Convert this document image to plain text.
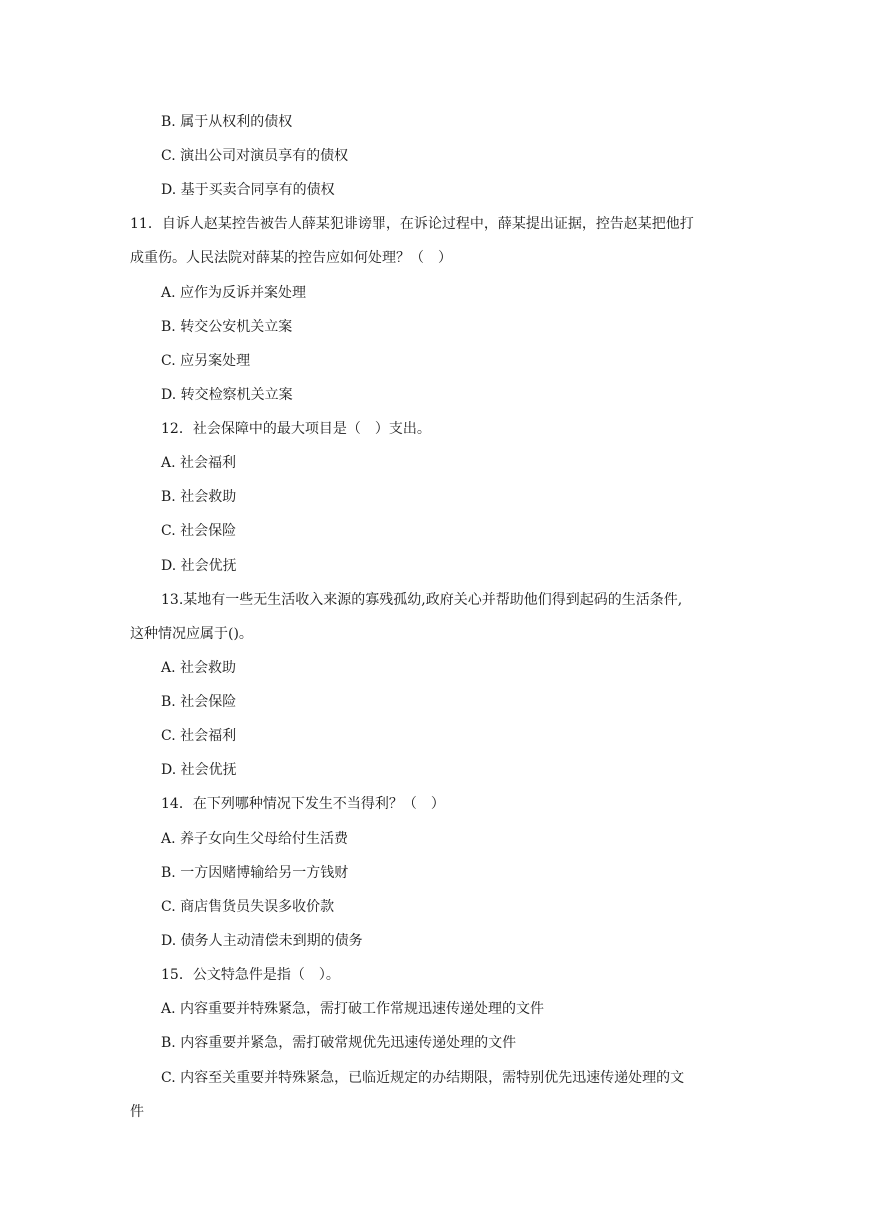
B. 属于从权利的债权

C. 演出公司对演员享有的债权

D. 基于买卖合同享有的债权

11．自诉人赵某控告被告人薛某犯诽谤罪，在诉论过程中，薛某提出证据，控告赵某把他打

成重伤。人民法院对薛某的控告应如何处理？（　）

A. 应作为反诉并案处理

B. 转交公安机关立案

C. 应另案处理

D. 转交检察机关立案

12．社会保障中的最大项目是（　）支出。

A. 社会福利

B. 社会救助

C. 社会保险

D. 社会优抚

13.某地有一些无生活收入来源的寡残孤幼,政府关心并帮助他们得到起码的生活条件,

这种情况应属于()。

A. 社会救助

B. 社会保险

C. 社会福利

D. 社会优抚

14．在下列哪种情况下发生不当得利？（　）

A. 养子女向生父母给付生活费

B. 一方因赌博输给另一方钱财

C. 商店售货员失误多收价款

D. 债务人主动清偿未到期的债务

15．公文特急件是指（　）。

A. 内容重要并特殊紧急，需打破工作常规迅速传递处理的文件

B. 内容重要并紧急，需打破常规优先迅速传递处理的文件

C. 内容至关重要并特殊紧急，已临近规定的办结期限，需特别优先迅速传递处理的文

件
